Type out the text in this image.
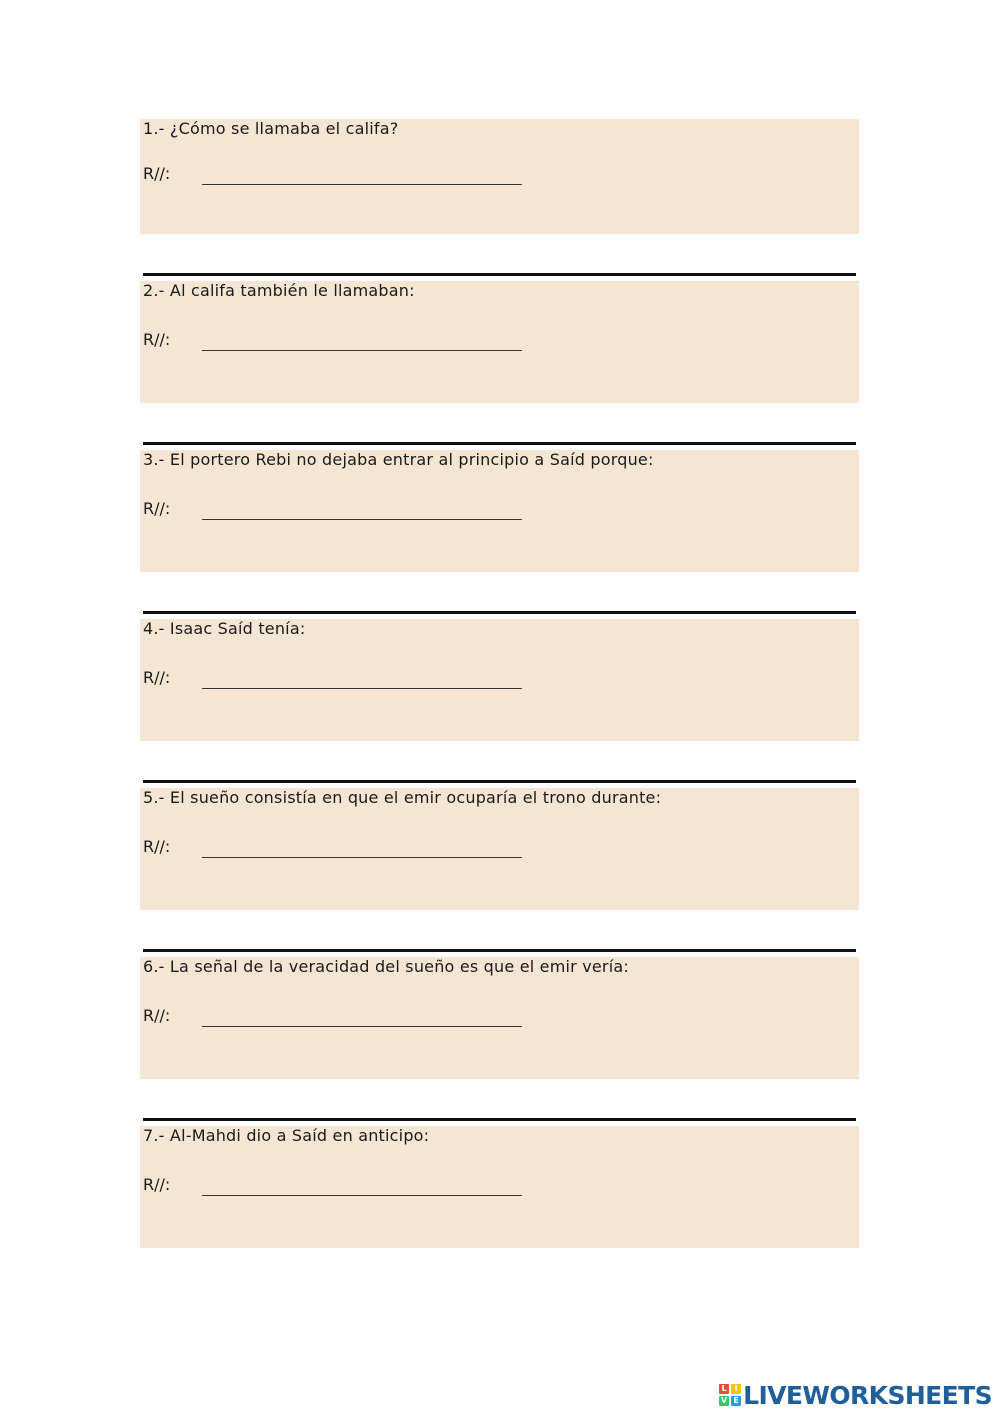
1.- ¿Cómo se llamaba el califa?
R//:
2.- Al califa también le llamaban:
R//:
3.- El portero Rebi no dejaba entrar al principio a Saíd porque:
R//:
4.- Isaac Saíd tenía:
R//:
5.- El sueño consistía en que el emir ocuparía el trono durante:
R//:
6.- La señal de la veracidad del sueño es que el emir vería:
R//:
7.- Al-Mahdi dio a Saíd en anticipo:
R//:
L I
V E LIVEWORKSHEETS
